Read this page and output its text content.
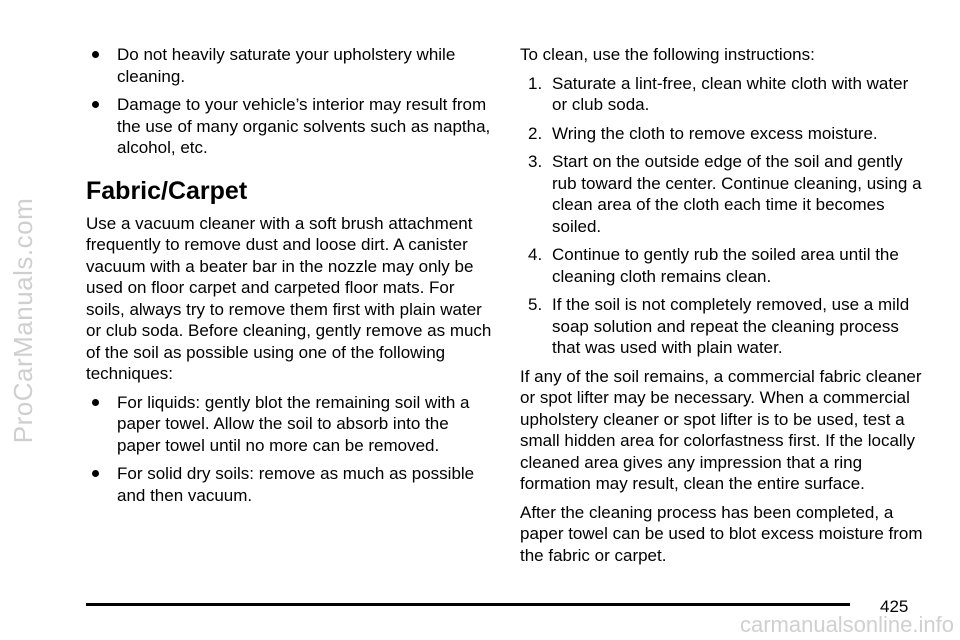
ProCarManuals.com
Do not heavily saturate your upholstery while cleaning.
Damage to your vehicle’s interior may result from the use of many organic solvents such as naptha, alcohol, etc.
Fabric/Carpet

Use a vacuum cleaner with a soft brush attachment frequently to remove dust and loose dirt. A canister vacuum with a beater bar in the nozzle may only be used on floor carpet and carpeted floor mats. For soils, always try to remove them first with plain water or club soda. Before cleaning, gently remove as much of the soil as possible using one of the following techniques:

For liquids: gently blot the remaining soil with a paper towel. Allow the soil to absorb into the paper towel until no more can be removed.
For solid dry soils: remove as much as possible and then vacuum.

To clean, use the following instructions:

1. Saturate a lint-free, clean white cloth with water or club soda.
2. Wring the cloth to remove excess moisture.
3. Start on the outside edge of the soil and gently rub toward the center. Continue cleaning, using a clean area of the cloth each time it becomes soiled.
4. Continue to gently rub the soiled area until the cleaning cloth remains clean.
5. If the soil is not completely removed, use a mild soap solution and repeat the cleaning process that was used with plain water.

If any of the soil remains, a commercial fabric cleaner or spot lifter may be necessary. When a commercial upholstery cleaner or spot lifter is to be used, test a small hidden area for colorfastness first. If the locally cleaned area gives any impression that a ring formation may result, clean the entire surface.

After the cleaning process has been completed, a paper towel can be used to blot excess moisture from the fabric or carpet.

425
carmanualsonline.info
